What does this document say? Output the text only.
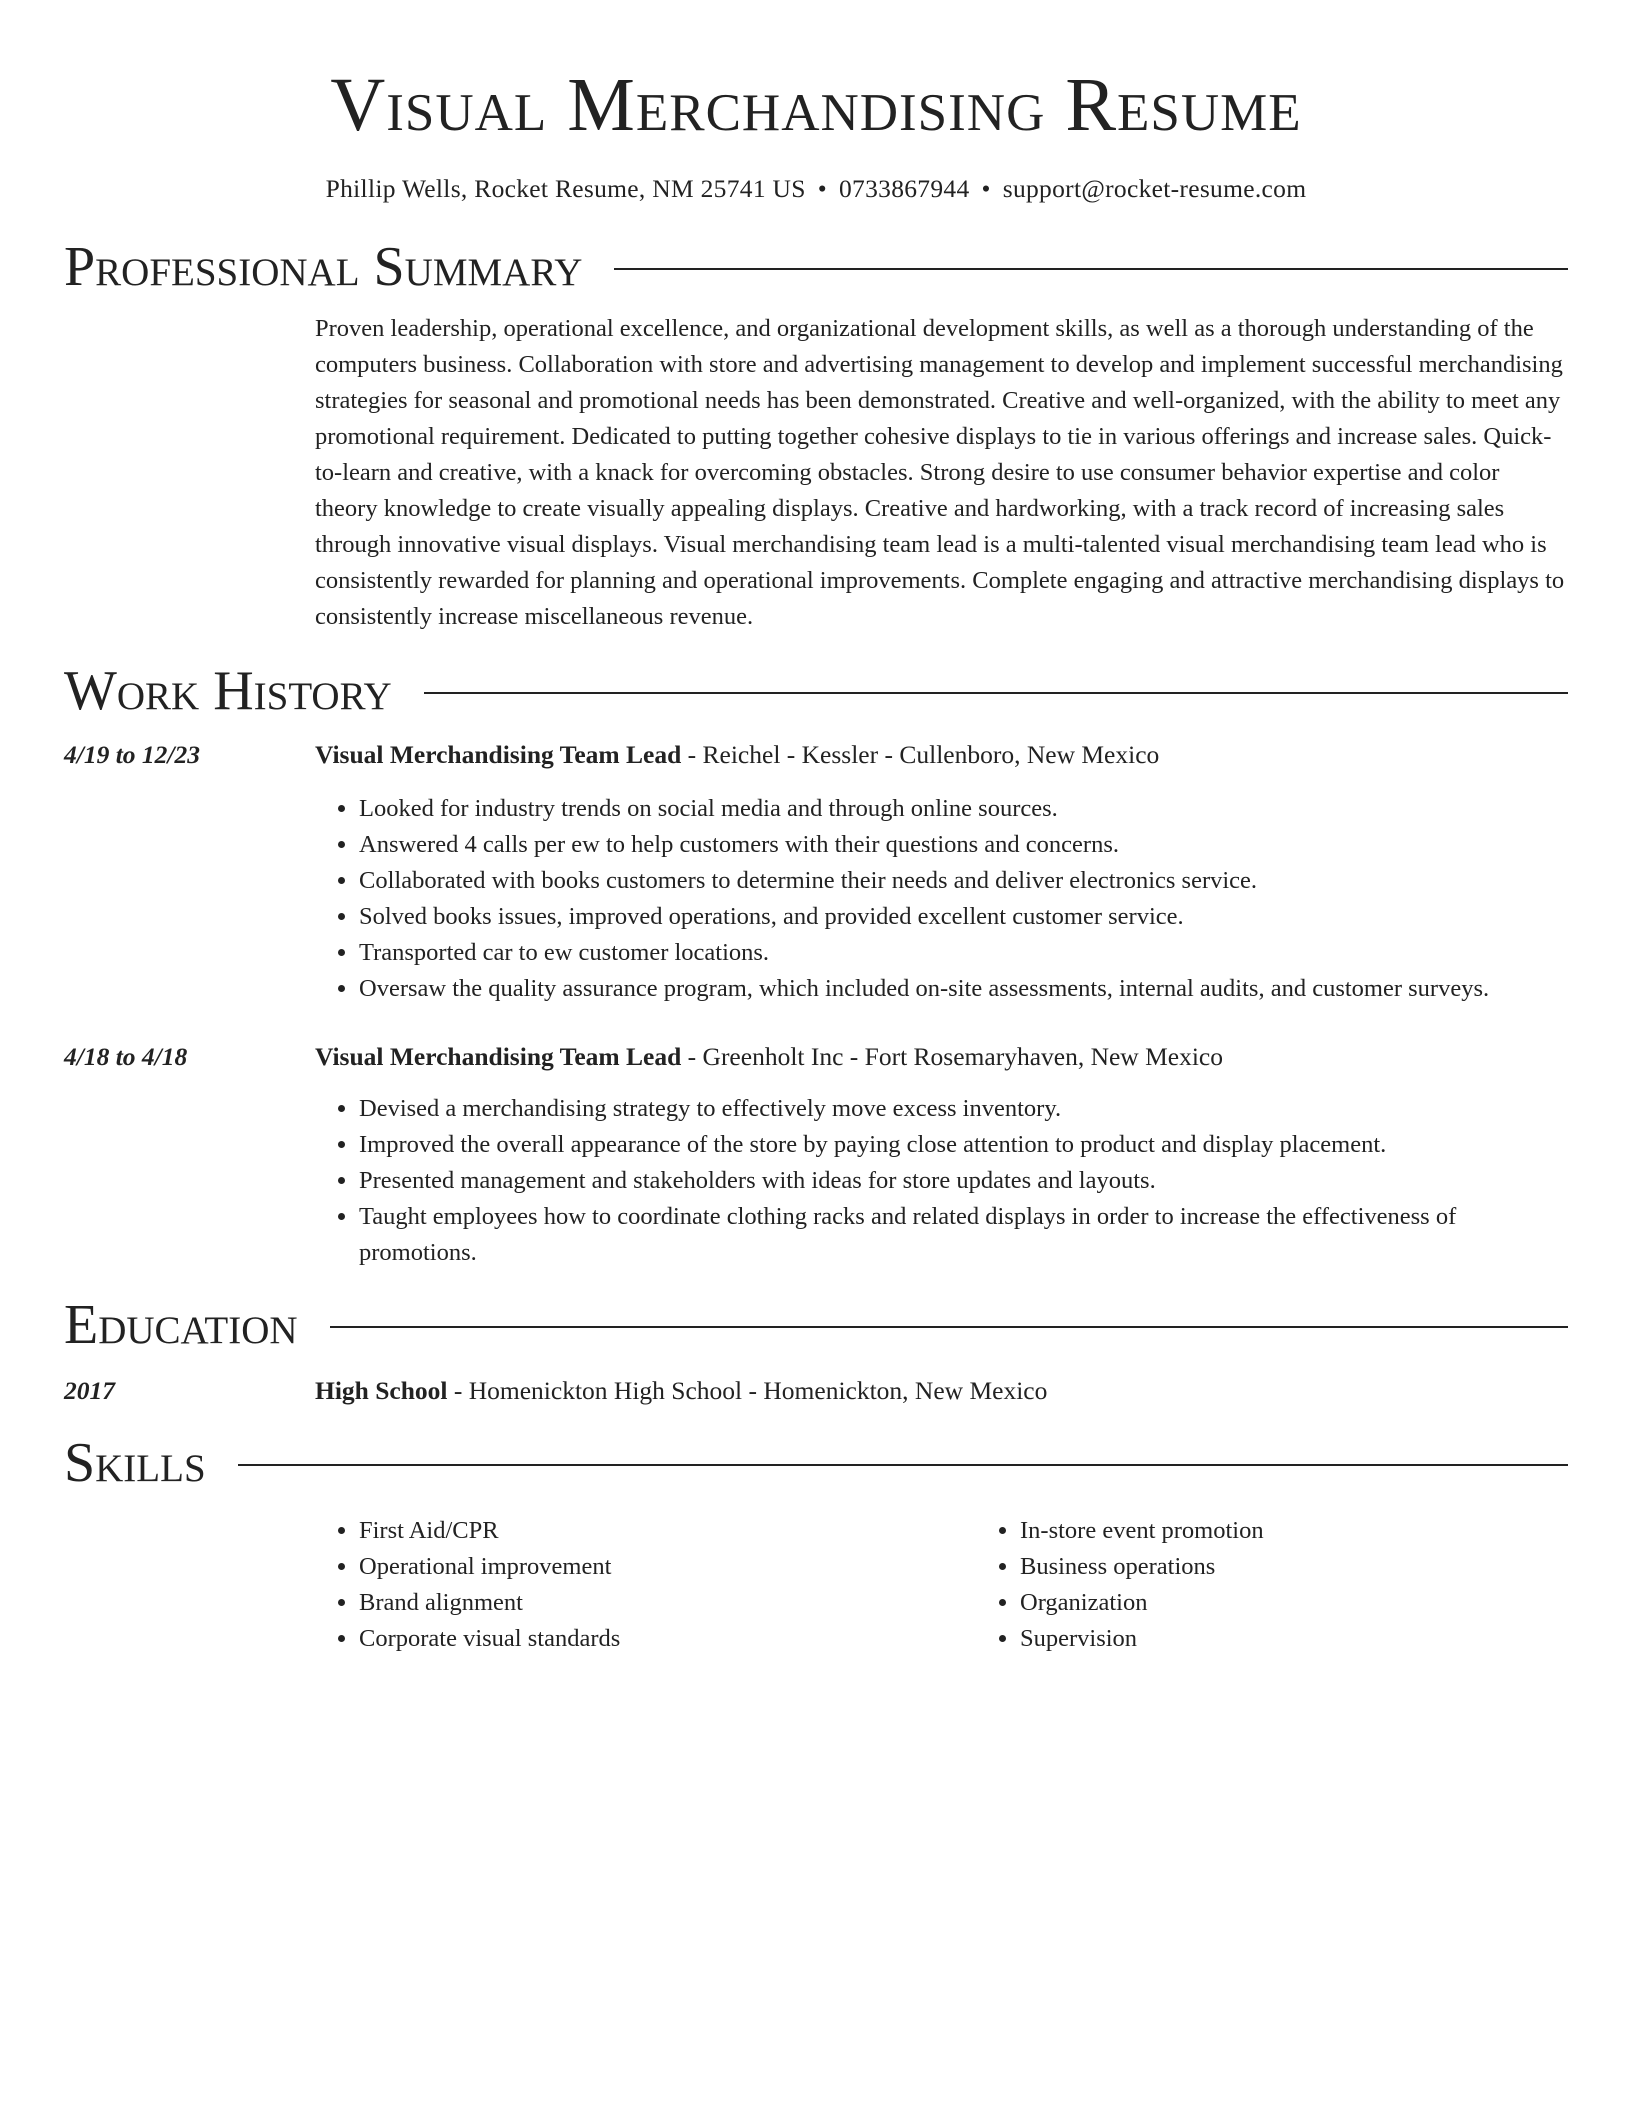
Visual Merchandising Resume
Phillip Wells, Rocket Resume, NM 25741 US • 0733867944 • support@rocket-resume.com
Professional Summary

Proven leadership, operational excellence, and organizational development skills, as well as a thorough understanding of the computers business. Collaboration with store and advertising management to develop and implement successful merchandising strategies for seasonal and promotional needs has been demonstrated. Creative and well-organized, with the ability to meet any promotional requirement. Dedicated to putting together cohesive displays to tie in various offerings and increase sales. Quick-to-learn and creative, with a knack for overcoming obstacles. Strong desire to use consumer behavior expertise and color theory knowledge to create visually appealing displays. Creative and hardworking, with a track record of increasing sales through innovative visual displays. Visual merchandising team lead is a multi-talented visual merchandising team lead who is consistently rewarded for planning and operational improvements. Complete engaging and attractive merchandising displays to consistently increase miscellaneous revenue.

Work History
4/19 to 12/23	Visual Merchandising Team Lead - Reichel - Kessler - Cullenboro, New Mexico

• Looked for industry trends on social media and through online sources.
• Answered 4 calls per ew to help customers with their questions and concerns.
• Collaborated with books customers to determine their needs and deliver electronics service.
• Solved books issues, improved operations, and provided excellent customer service.
• Transported car to ew customer locations.
• Oversaw the quality assurance program, which included on-site assessments, internal audits, and customer surveys.
4/18 to 4/18	Visual Merchandising Team Lead - Greenholt Inc - Fort Rosemaryhaven, New Mexico

• Devised a merchandising strategy to effectively move excess inventory.
• Improved the overall appearance of the store by paying close attention to product and display placement.
• Presented management and stakeholders with ideas for store updates and layouts.
• Taught employees how to coordinate clothing racks and related displays in order to increase the effectiveness of promotions.
Education
2017	High School - Homenickton High School - Homenickton, New Mexico

Skills
• First Aid/CPR
• Operational improvement
• Brand alignment
• Corporate visual standards
• In-store event promotion
• Business operations
• Organization
• Supervision
